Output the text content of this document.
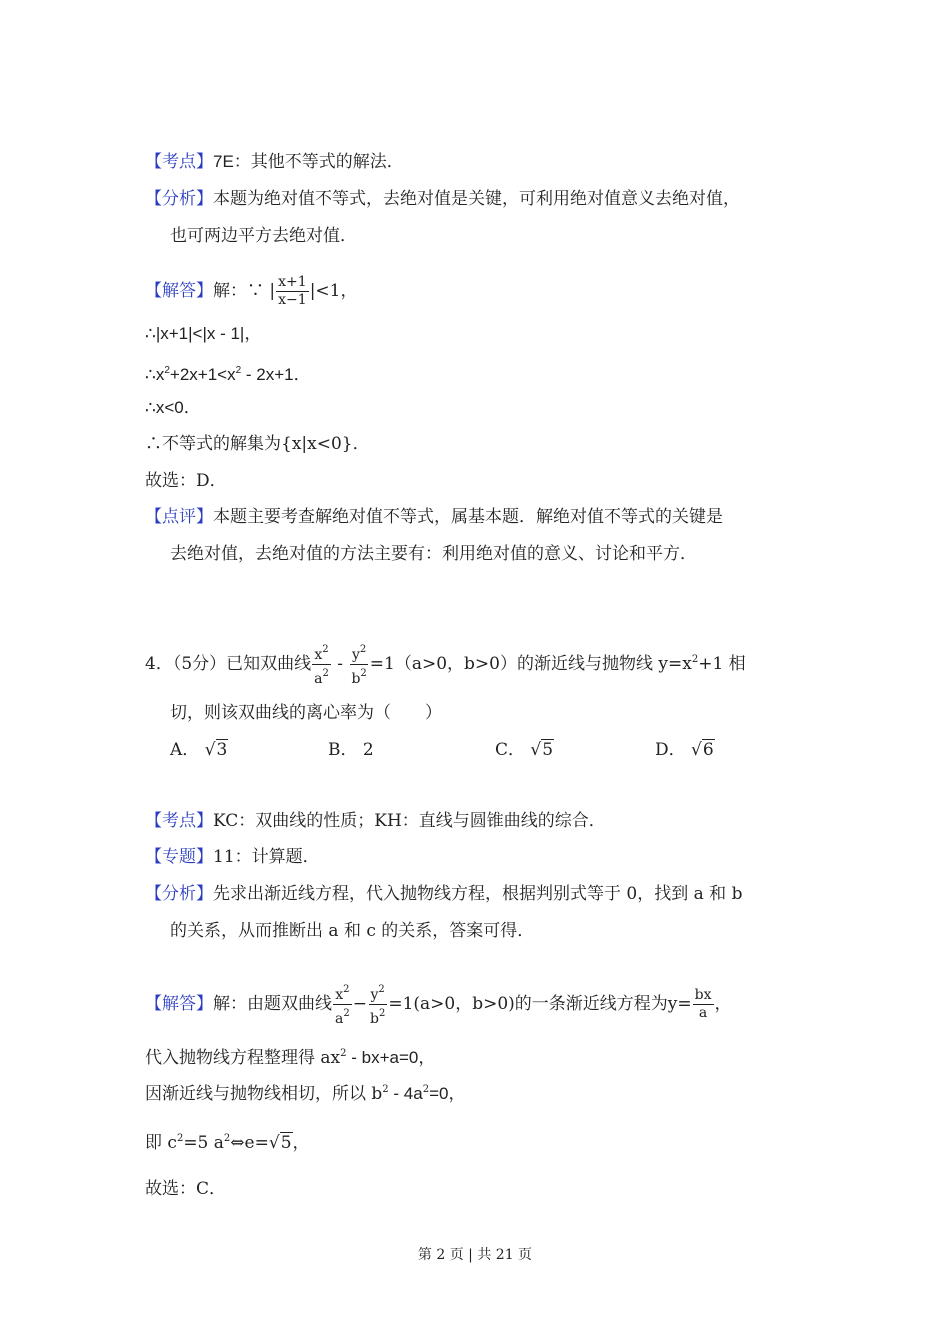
【考点】7E：其他不等式的解法．
【分析】本题为绝对值不等式，去绝对值是关键，可利用绝对值意义去绝对值，
也可两边平方去绝对值．
【解答】解：∵ | $\frac{x+1}{x-1} |<1$，
∴|x+1|<|x - 1|，
$\therefore x^2+2x+1<x^2 - 2x+1$．
∴x<0．
∴不等式的解集为{x|x<0}．
故选：D．
【点评】本题主要考查解绝对值不等式，属基本题．解绝对值不等式的关键是
去绝对值，去绝对值的方法主要有：利用绝对值的意义、讨论和平方．
4．（5分）已知双曲线 $\frac{x^2}{a^2} - \frac{y^2}{b^2} =1(a>0$，b>0）的渐近线与抛物线 $y=x^2+1$ 相
切，则该双曲线的离心率为（　　）
A． √3	B． 2	C． √5	D． √6
【考点】KC：双曲线的性质；KH：直线与圆锥曲线的综合．
【专题】11：计算题．
【分析】先求出渐近线方程，代入抛物线方程，根据判别式等于 0，找到 a 和 b
的关系，从而推断出 a 和 c 的关系，答案可得．
【解答】解：由题双曲线 $\frac{x^2}{a^2} - \frac{y^2}{b^2} =1(a>0$，b>0)的一条渐近线方程为$y= \frac{bx}{a}$ ，
代入抛物线方程整理得 $ax^2 - bx+a=0$，
因渐近线与抛物线相切，所以 $b^2 - 4a^2=0$，
即 $c^2=5$ $a^2\Leftrightarrow e=√5$，
故选：C．
第 2 页 | 共 21 页
